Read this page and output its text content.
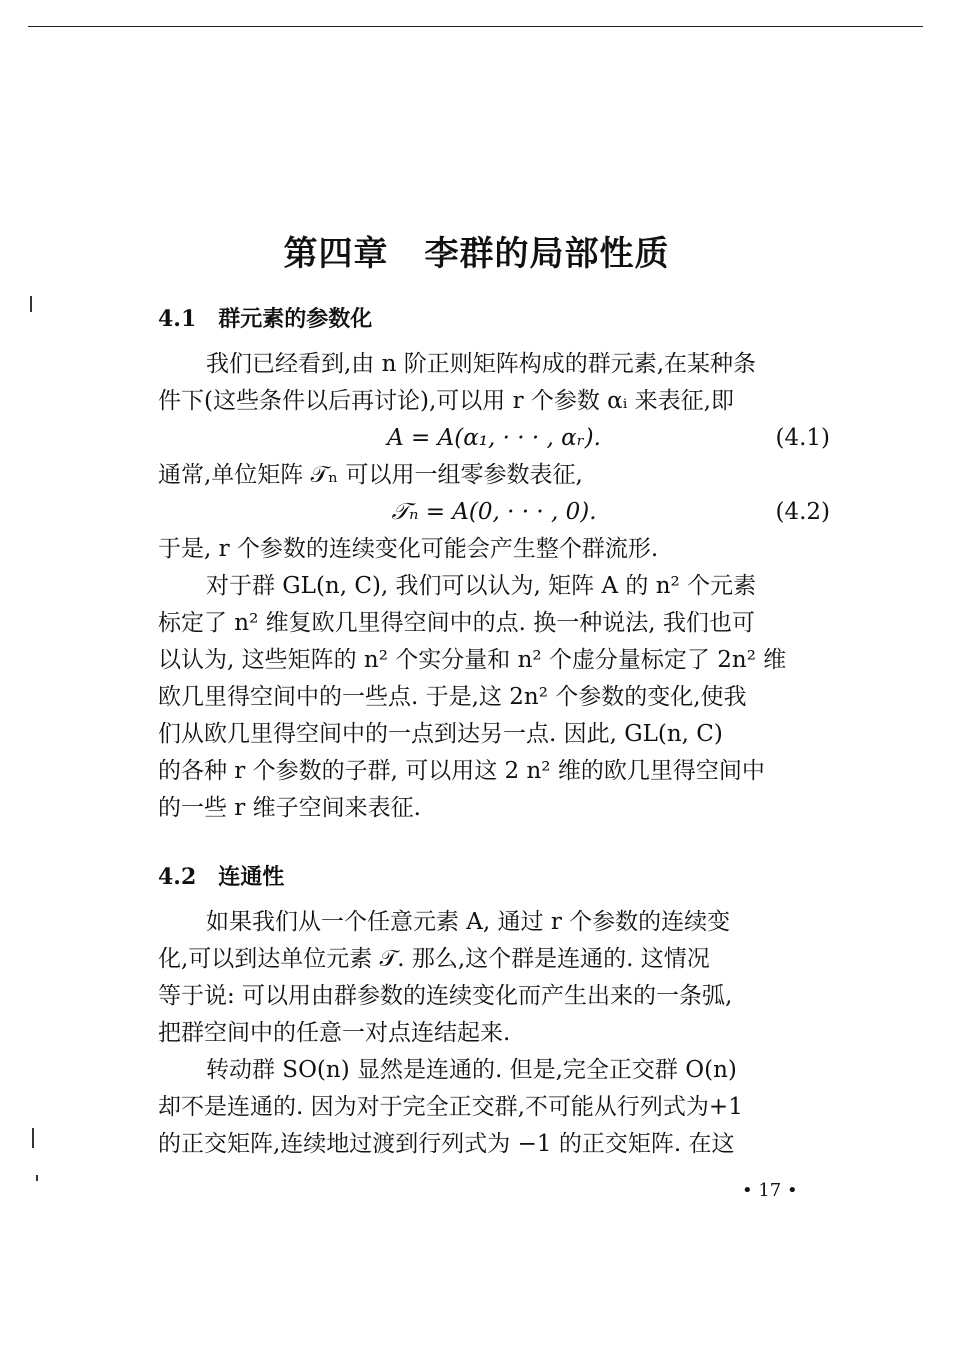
第四章 李群的局部性质
4.1 群元素的参数化
我们已经看到,由 n 阶正则矩阵构成的群元素,在某种条
件下(这些条件以后再讨论),可以用 r 个参数 αᵢ 来表征,即
A = A(α₁, · · · , αᵣ).	(4.1)
通常,单位矩阵 𝒯ₙ 可以用一组零参数表征,
𝒯ₙ = A(0, · · · , 0).	(4.2)
于是, r 个参数的连续变化可能会产生整个群流形.
对于群 GL(n, C), 我们可以认为, 矩阵 A 的 n² 个元素
标定了 n² 维复欧几里得空间中的点. 换一种说法, 我们也可
以认为, 这些矩阵的 n² 个实分量和 n² 个虚分量标定了 2n² 维
欧几里得空间中的一些点. 于是,这 2n² 个参数的变化,使我
们从欧几里得空间中的一点到达另一点. 因此, GL(n, C)
的各种 r 个参数的子群, 可以用这 2 n² 维的欧几里得空间中
的一些 r 维子空间来表征.
4.2 连通性
如果我们从一个任意元素 A, 通过 r 个参数的连续变
化,可以到达单位元素 𝒯. 那么,这个群是连通的. 这情况
等于说: 可以用由群参数的连续变化而产生出来的一条弧,
把群空间中的任意一对点连结起来.
转动群 SO(n) 显然是连通的. 但是,完全正交群 O(n)
却不是连通的. 因为对于完全正交群,不可能从行列式为+1
的正交矩阵,连续地过渡到行列式为 −1 的正交矩阵. 在这
• 17 •
